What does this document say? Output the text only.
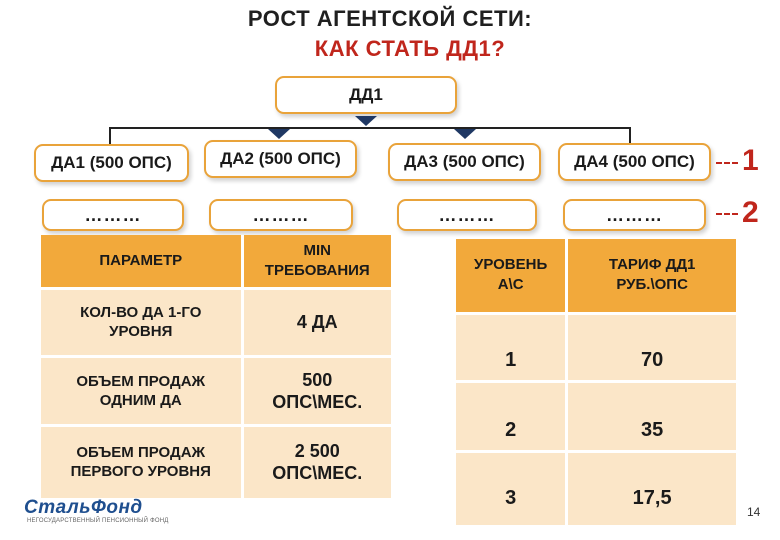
РОСТ АГЕНТСКОЙ СЕТИ:
КАК СТАТЬ ДД1?
ДД1
ДА1 (500 ОПС)	ДА2 (500 ОПС)	ДА3 (500 ОПС)	ДА4 (500 ОПС) 1
2
………	………	………	………
ПАРАМЕТР	MIN ТРЕБОВАНИЯ
КОЛ-ВО ДА 1-ГО УРОВНЯ	4 ДА
ОБЪЕМ ПРОДАЖ ОДНИМ ДА	500 ОПС\МЕС.
ОБЪЕМ ПРОДАЖ ПЕРВОГО УРОВНЯ	2 500 ОПС\МЕС.
УРОВЕНЬ А\С	ТАРИФ ДД1 РУБ.\ОПС
1	70
2	35
3	17,5
СтальФонд
НЕГОСУДАРСТВЕННЫЙ ПЕНСИОННЫЙ ФОНД
14
